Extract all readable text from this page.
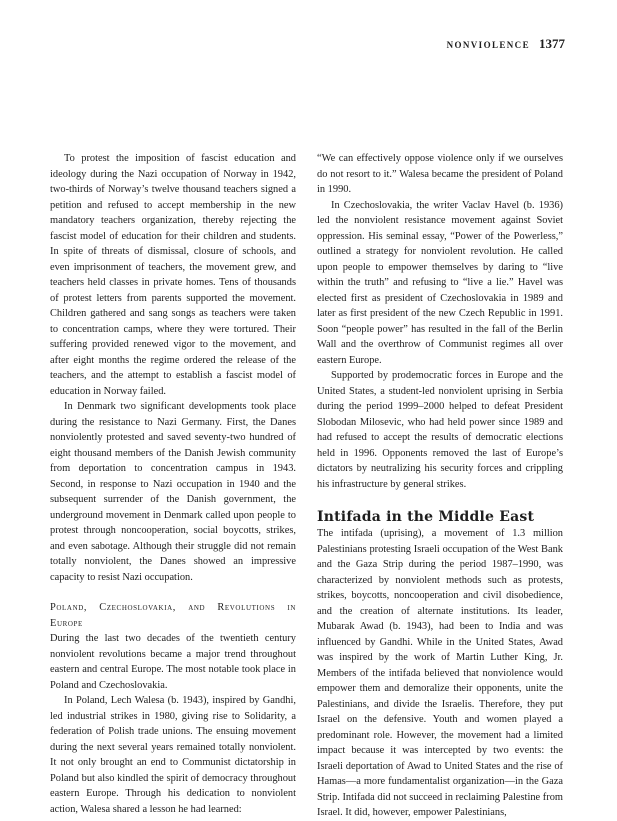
NONVIOLENCE 1377

To protest the imposition of fascist education and ideology during the Nazi occupation of Norway in 1942, two-thirds of Norway’s twelve thousand teachers signed a petition and refused to accept membership in the new mandatory teachers organization, thereby rejecting the fascist model of education for their children and students. In spite of threats of dismissal, closure of schools, and even imprisonment of teachers, the movement grew, and teachers held classes in private homes. Tens of thousands of protest letters from parents supported the movement. Children gathered and sang songs as teachers were taken to concentration camps, where they were tortured. Their suffering provided renewed vigor to the movement, and after eight months the regime ordered the release of the teachers, and the attempt to establish a fascist model of education in Norway failed.

In Denmark two significant developments took place during the resistance to Nazi Germany. First, the Danes nonviolently protested and saved seventy-two hundred of eight thousand members of the Danish Jewish community from deportation to concentration campus in 1943. Second, in response to Nazi occupation in 1940 and the subsequent surrender of the Danish government, the underground movement in Denmark called upon people to protest through noncooperation, social boycotts, strikes, and even sabotage. Although their struggle did not remain totally nonviolent, the Danes showed an impressive capacity to resist Nazi occupation.

Poland, Czechoslovakia, and Revolutions in Europe

During the last two decades of the twentieth century nonviolent revolutions became a major trend throughout eastern and central Europe. The most notable took place in Poland and Czechoslovakia.

In Poland, Lech Walesa (b. 1943), inspired by Gandhi, led industrial strikes in 1980, giving rise to Solidarity, a federation of Polish trade unions. The ensuing movement during the next several years remained totally nonviolent. It not only brought an end to Communist dictatorship in Poland but also kindled the spirit of democracy throughout eastern Europe. Through his dedication to nonviolent action, Walesa shared a lesson he had learned:

“We can effectively oppose violence only if we ourselves do not resort to it.” Walesa became the president of Poland in 1990.

In Czechoslovakia, the writer Vaclav Havel (b. 1936) led the nonviolent resistance movement against Soviet oppression. His seminal essay, “Power of the Powerless,” outlined a strategy for nonviolent revolution. He called upon people to empower themselves by daring to “live within the truth” and refusing to “live a lie.” Havel was elected first as president of Czechoslovakia in 1989 and later as first president of the new Czech Republic in 1991. Soon “people power” has resulted in the fall of the Berlin Wall and the overthrow of Communist regimes all over eastern Europe.

Supported by prodemocratic forces in Europe and the United States, a student-led nonviolent uprising in Serbia during the period 1999–2000 helped to defeat President Slobodan Milosevic, who had held power since 1989 and had refused to accept the results of democratic elections held in 1996. Opponents removed the last of Europe’s dictators by neutralizing his security forces and crippling his infrastructure by general strikes.

Intifada in the Middle East

The intifada (uprising), a movement of 1.3 million Palestinians protesting Israeli occupation of the West Bank and the Gaza Strip during the period 1987–1990, was characterized by nonviolent methods such as protests, strikes, boycotts, noncooperation and civil disobedience, and the creation of alternate institutions. Its leader, Mubarak Awad (b. 1943), had been to India and was influenced by Gandhi. While in the United States, Awad was inspired by the work of Martin Luther King, Jr. Members of the intifada believed that nonviolence would empower them and demoralize their opponents, unite the Palestinians, and divide the Israelis. Therefore, they put Israel on the defensive. Youth and women played a predominant role. However, the movement had a limited impact because it was intercepted by two events: the Israeli deportation of Awad to United States and the rise of Hamas—a more fundamentalist organization—in the Gaza Strip. Intifada did not succeed in reclaiming Palestine from Israel. It did, however, empower Palestinians,
